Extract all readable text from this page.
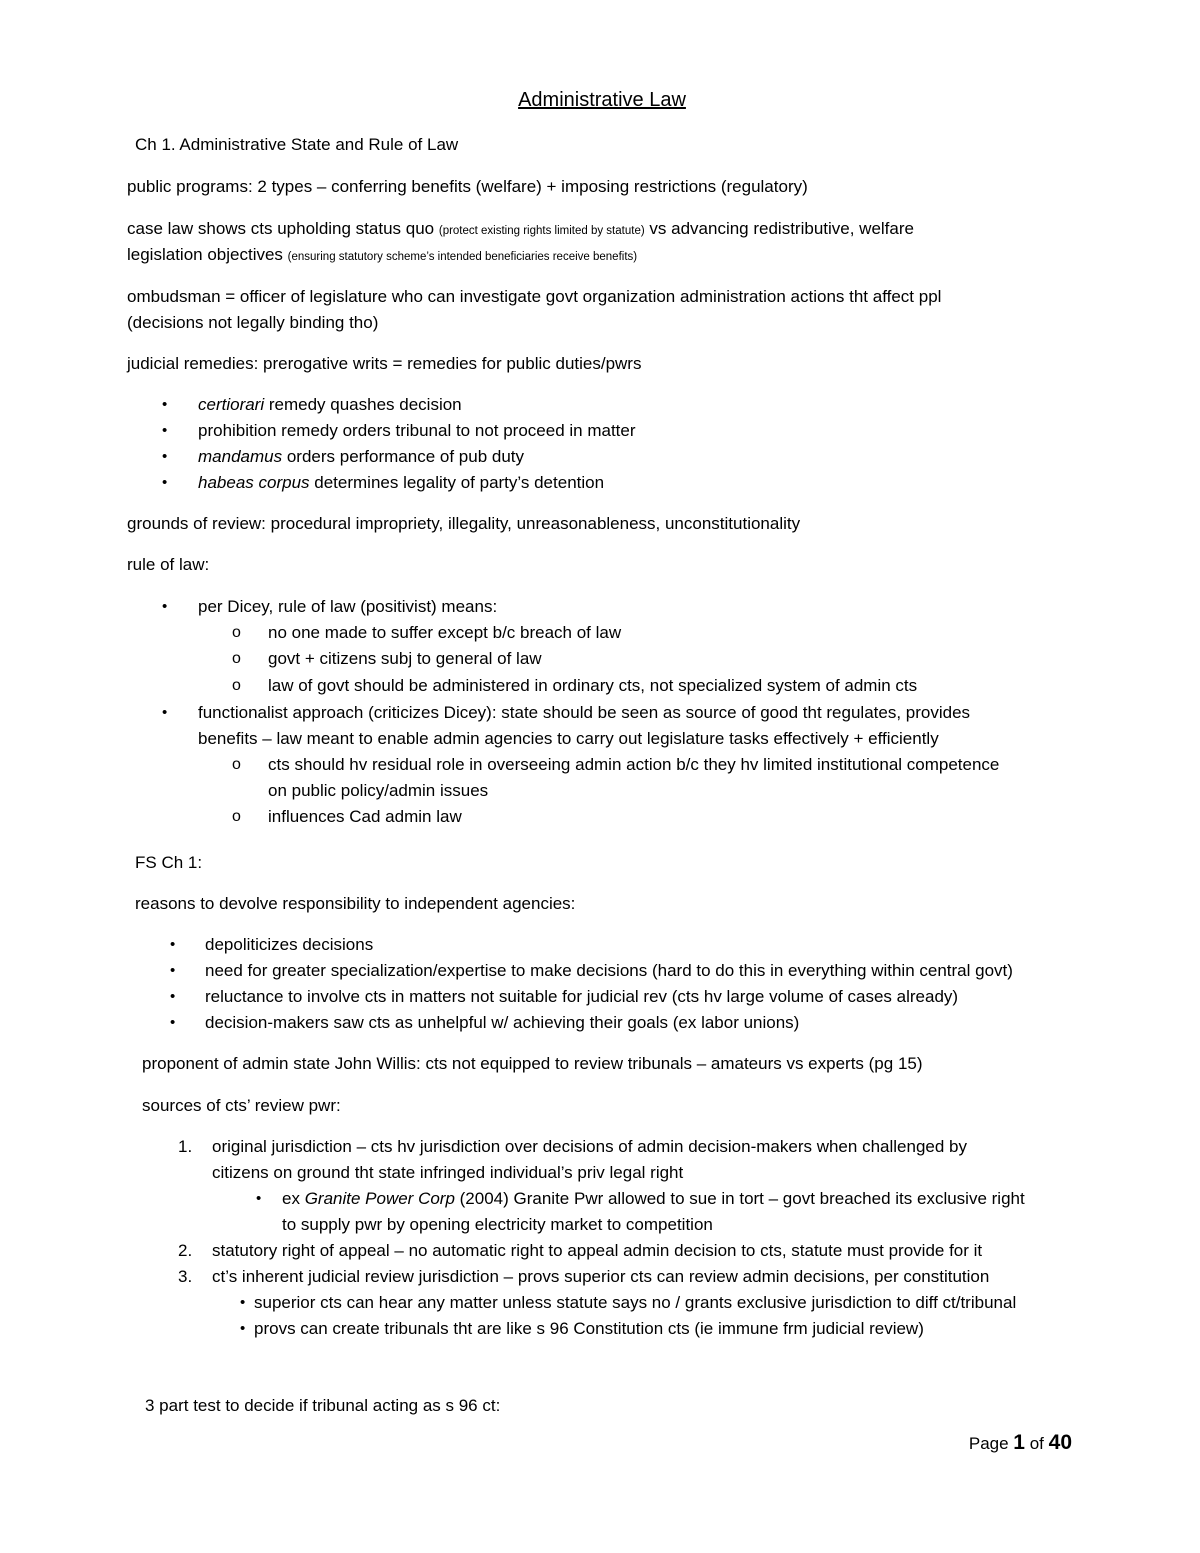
Administrative Law
Ch 1. Administrative State and Rule of Law
public programs: 2 types – conferring benefits (welfare) + imposing restrictions (regulatory)
case law shows cts upholding status quo (protect existing rights limited by statute) vs advancing redistributive, welfare
legislation objectives (ensuring statutory scheme’s intended beneficiaries receive benefits)
ombudsman = officer of legislature who can investigate govt organization administration actions tht affect ppl
(decisions not legally binding tho)
judicial remedies: prerogative writs = remedies for public duties/pwrs
• certiorari remedy quashes decision
• prohibition remedy orders tribunal to not proceed in matter
• mandamus orders performance of pub duty
• habeas corpus determines legality of party’s detention
grounds of review: procedural impropriety, illegality, unreasonableness, unconstitutionality
rule of law:
• per Dicey, rule of law (positivist) means:
o no one made to suffer except b/c breach of law
o govt + citizens subj to general of law
o law of govt should be administered in ordinary cts, not specialized system of admin cts
• functionalist approach (criticizes Dicey): state should be seen as source of good tht regulates, provides
benefits – law meant to enable admin agencies to carry out legislature tasks effectively + efficiently
o cts should hv residual role in overseeing admin action b/c they hv limited institutional competence
on public policy/admin issues
o influences Cad admin law
FS Ch 1:
reasons to devolve responsibility to independent agencies:
• depoliticizes decisions
• need for greater specialization/expertise to make decisions (hard to do this in everything within central govt)
• reluctance to involve cts in matters not suitable for judicial rev (cts hv large volume of cases already)
• decision-makers saw cts as unhelpful w/ achieving their goals (ex labor unions)
proponent of admin state John Willis: cts not equipped to review tribunals – amateurs vs experts (pg 15)
sources of cts’ review pwr:
1. original jurisdiction – cts hv jurisdiction over decisions of admin decision-makers when challenged by
citizens on ground tht state infringed individual’s priv legal right
• ex Granite Power Corp (2004) Granite Pwr allowed to sue in tort – govt breached its exclusive right
to supply pwr by opening electricity market to competition
2. statutory right of appeal – no automatic right to appeal admin decision to cts, statute must provide for it
3. ct’s inherent judicial review jurisdiction – provs superior cts can review admin decisions, per constitution
• superior cts can hear any matter unless statute says no / grants exclusive jurisdiction to diff ct/tribunal
• provs can create tribunals tht are like s 96 Constitution cts (ie immune frm judicial review)
3 part test to decide if tribunal acting as s 96 ct:
Page 1 of 40
